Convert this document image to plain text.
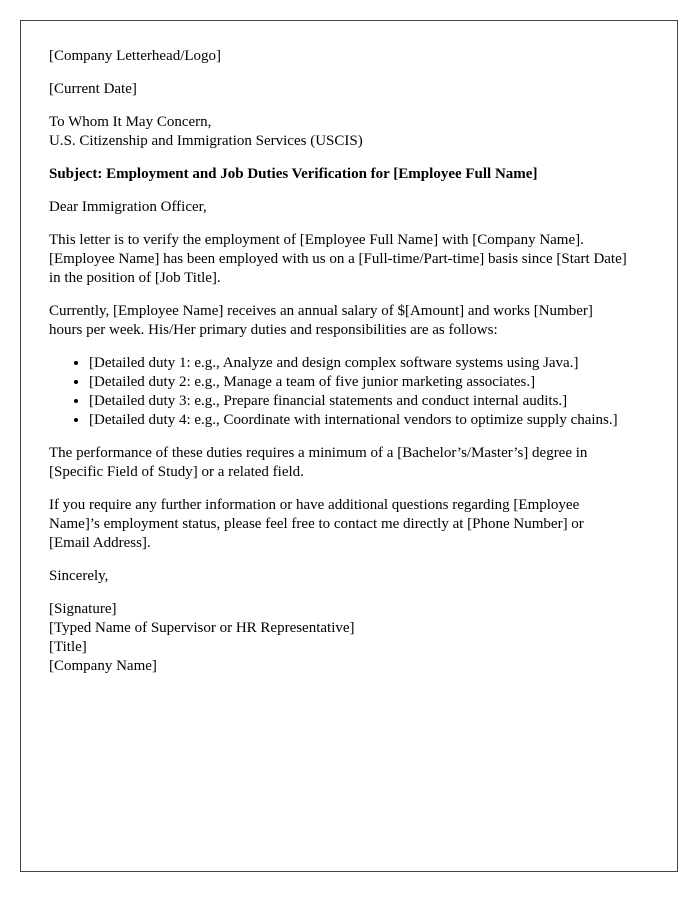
[Company Letterhead/Logo]

[Current Date]

To Whom It May Concern,
U.S. Citizenship and Immigration Services (USCIS)

Subject: Employment and Job Duties Verification for [Employee Full Name]

Dear Immigration Officer,

This letter is to verify the employment of [Employee Full Name] with [Company Name]. [Employee Name] has been employed with us on a [Full-time/Part-time] basis since [Start Date] in the position of [Job Title].

Currently, [Employee Name] receives an annual salary of $[Amount] and works [Number] hours per week. His/Her primary duties and responsibilities are as follows:

• [Detailed duty 1: e.g., Analyze and design complex software systems using Java.]
• [Detailed duty 2: e.g., Manage a team of five junior marketing associates.]
• [Detailed duty 3: e.g., Prepare financial statements and conduct internal audits.]
• [Detailed duty 4: e.g., Coordinate with international vendors to optimize supply chains.]

The performance of these duties requires a minimum of a [Bachelor’s/Master’s] degree in [Specific Field of Study] or a related field.

If you require any further information or have additional questions regarding [Employee Name]’s employment status, please feel free to contact me directly at [Phone Number] or [Email Address].

Sincerely,

[Signature]
[Typed Name of Supervisor or HR Representative]
[Title]
[Company Name]
